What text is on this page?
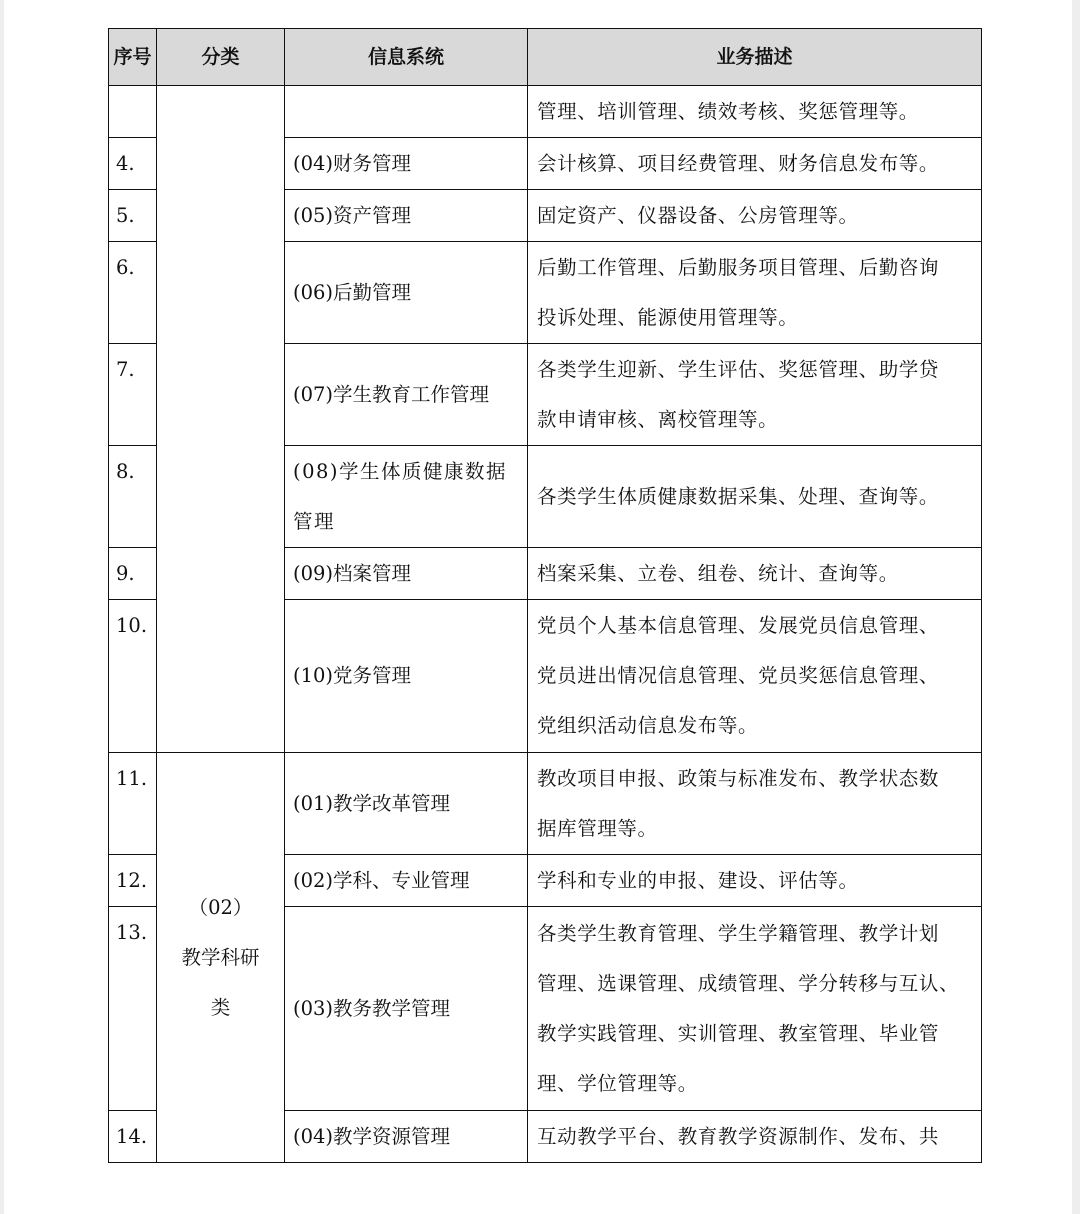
序号	分类	信息系统	业务描述

			管理、培训管理、绩效考核、奖惩管理等。

4.		(04)财务管理	会计核算、项目经费管理、财务信息发布等。

5.		(05)资产管理	固定资产、仪器设备、公房管理等。

6.		(06)后勤管理	后勤工作管理、后勤服务项目管理、后勤咨询
投诉处理、能源使用管理等。

7.		(07)学生教育工作管理	各类学生迎新、学生评估、奖惩管理、助学贷
款申请审核、离校管理等。

8.		(08)学生体质健康数据管理	各类学生体质健康数据采集、处理、查询等。

9.		(09)档案管理	档案采集、立卷、组卷、统计、查询等。

10.		(10)党务管理	党员个人基本信息管理、发展党员信息管理、
党员进出情况信息管理、党员奖惩信息管理、
党组织活动信息发布等。

11.	（02）
教学科研
类	(01)教学改革管理	教改项目申报、政策与标准发布、教学状态数
据库管理等。

12.		(02)学科、专业管理	学科和专业的申报、建设、评估等。

13.		(03)教务教学管理	各类学生教育管理、学生学籍管理、教学计划
管理、选课管理、成绩管理、学分转移与互认、
教学实践管理、实训管理、教室管理、毕业管
理、学位管理等。

14.		(04)教学资源管理	互动教学平台、教育教学资源制作、发布、共
